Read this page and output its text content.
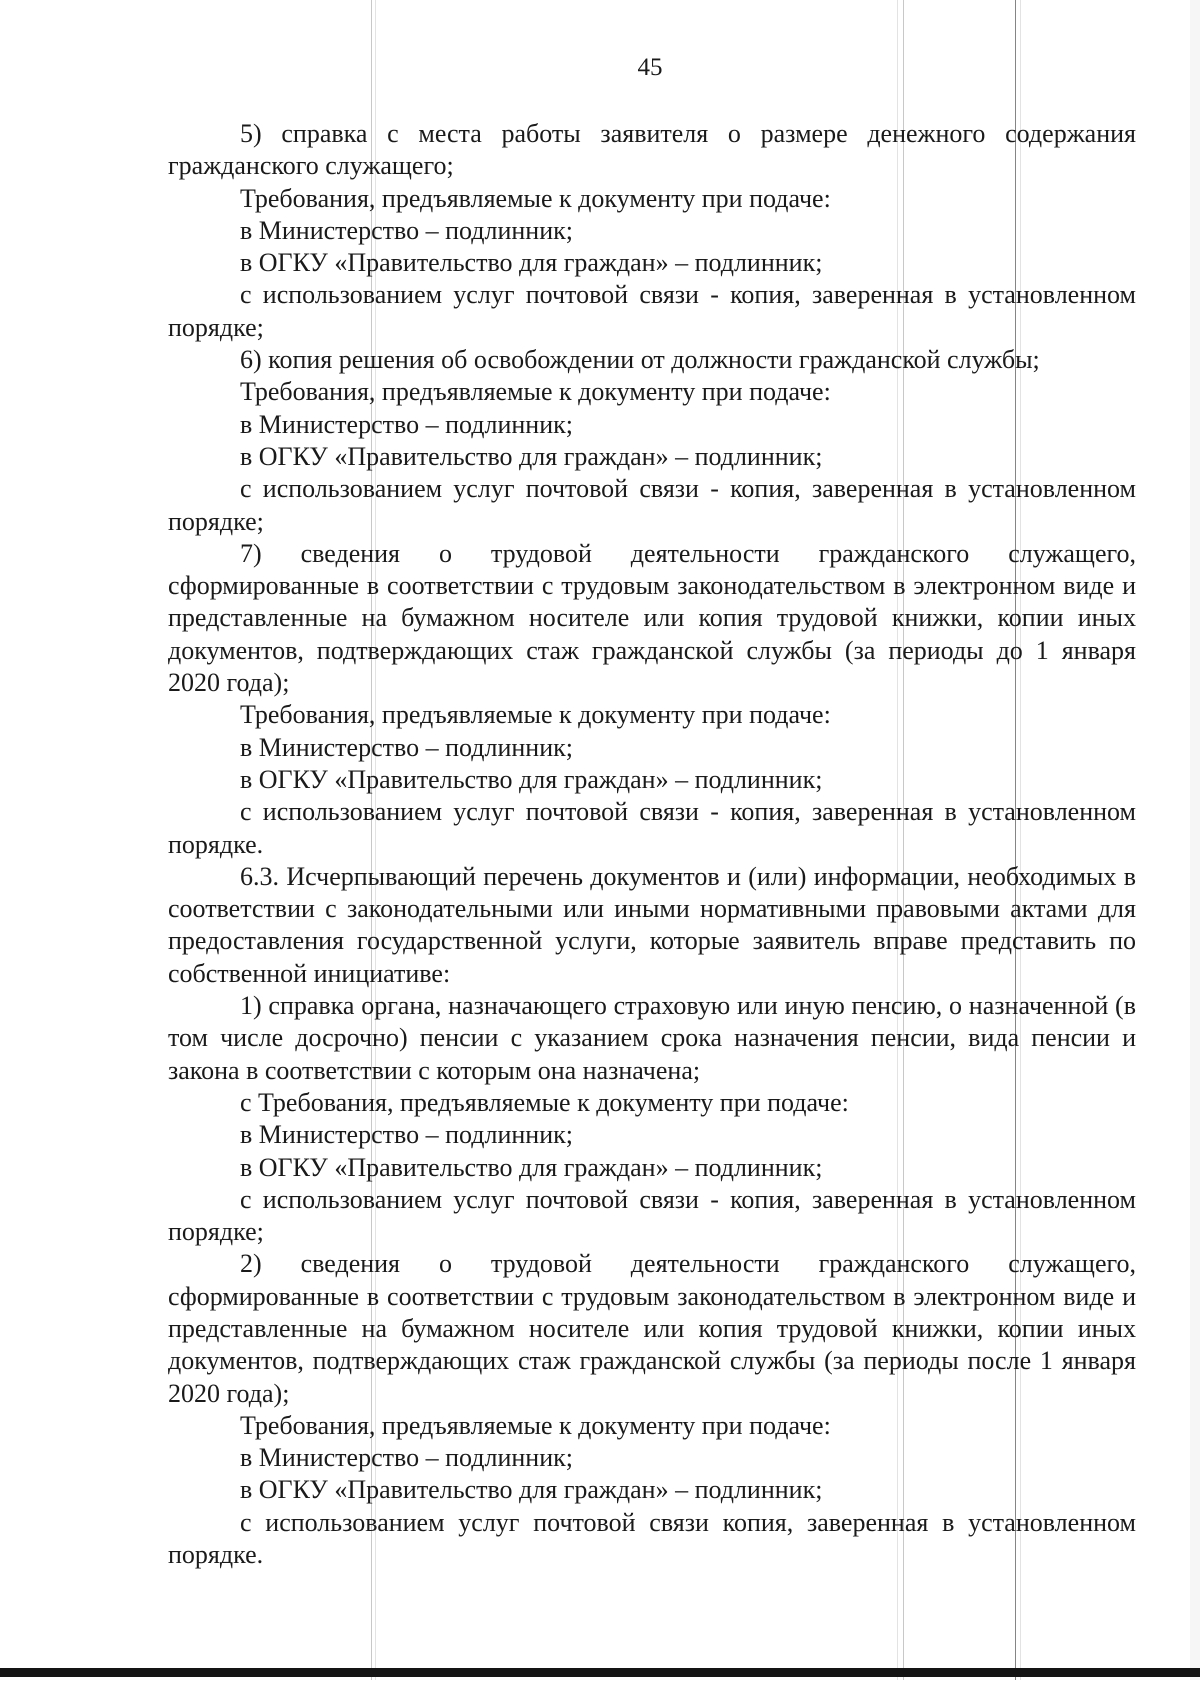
45

5) справка с места работы заявителя о размере денежного содержания гражданского служащего;

Требования, предъявляемые к документу при подаче:

в Министерство – подлинник;

в ОГКУ «Правительство для граждан» – подлинник;

с использованием услуг почтовой связи - копия, заверенная в установленном порядке;

6) копия решения об освобождении от должности гражданской службы;

Требования, предъявляемые к документу при подаче:

в Министерство – подлинник;

в ОГКУ «Правительство для граждан» – подлинник;

с использованием услуг почтовой связи - копия, заверенная в установленном порядке;

7) сведения о трудовой деятельности гражданского служащего, сформированные в соответствии с трудовым законодательством в электронном виде и представленные на бумажном носителе или копия трудовой книжки, копии иных документов, подтверждающих стаж гражданской службы (за периоды до 1 января 2020 года);

Требования, предъявляемые к документу при подаче:

в Министерство – подлинник;

в ОГКУ «Правительство для граждан» – подлинник;

с использованием услуг почтовой связи - копия, заверенная в установленном порядке.

6.3. Исчерпывающий перечень документов и (или) информации, необходимых в соответствии с законодательными или иными нормативными правовыми актами для предоставления государственной услуги, которые заявитель вправе представить по собственной инициативе:

1) справка органа, назначающего страховую или иную пенсию, о назначенной (в том числе досрочно) пенсии с указанием срока назначения пенсии, вида пенсии и закона в соответствии с которым она назначена;

с Требования, предъявляемые к документу при подаче:

в Министерство – подлинник;

в ОГКУ «Правительство для граждан» – подлинник;

с использованием услуг почтовой связи - копия, заверенная в установленном порядке;

2) сведения о трудовой деятельности гражданского служащего, сформированные в соответствии с трудовым законодательством в электронном виде и представленные на бумажном носителе или копия трудовой книжки, копии иных документов, подтверждающих стаж гражданской службы (за периоды после 1 января 2020 года);

Требования, предъявляемые к документу при подаче:

в Министерство – подлинник;

в ОГКУ «Правительство для граждан» – подлинник;

с использованием услуг почтовой связи копия, заверенная в установленном порядке.
